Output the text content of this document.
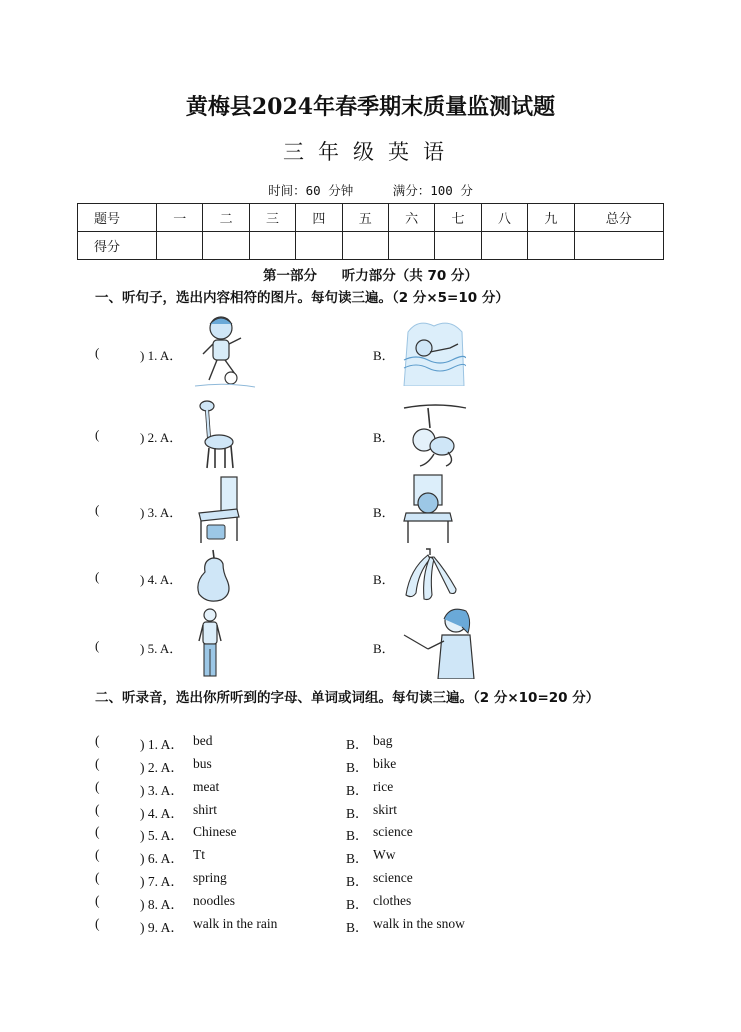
黄梅县2024年春季期末质量监测试题
三年级英语
时间：60 分钟	满分：100 分
题号	一	二	三	四	五	六	七	八	九	总分
得分										
第一部分 听力部分（共 70 分）
一、听句子，选出内容相符的图片。每句读三遍。（2 分×5=10 分）
(	) 1. A．	B．
(	) 2. A．	B．
(	) 3. A．	B．
(	) 4. A．	B．
(	) 5. A．	B．
二、听录音，选出你所听到的字母、单词或词组。每句读三遍。（2 分×10=20 分）
(	) 1. A． bed	B． bag
(	) 2. A． bus	B． bike
(	) 3. A． meat	B． rice
(	) 4. A． shirt	B． skirt
(	) 5. A． Chinese	B． science
(	) 6. A． Tt	B． Ww
(	) 7. A． spring	B． science
(	) 8. A． noodles	B． clothes
(	) 9. A． walk in the rain	B． walk in the snow
